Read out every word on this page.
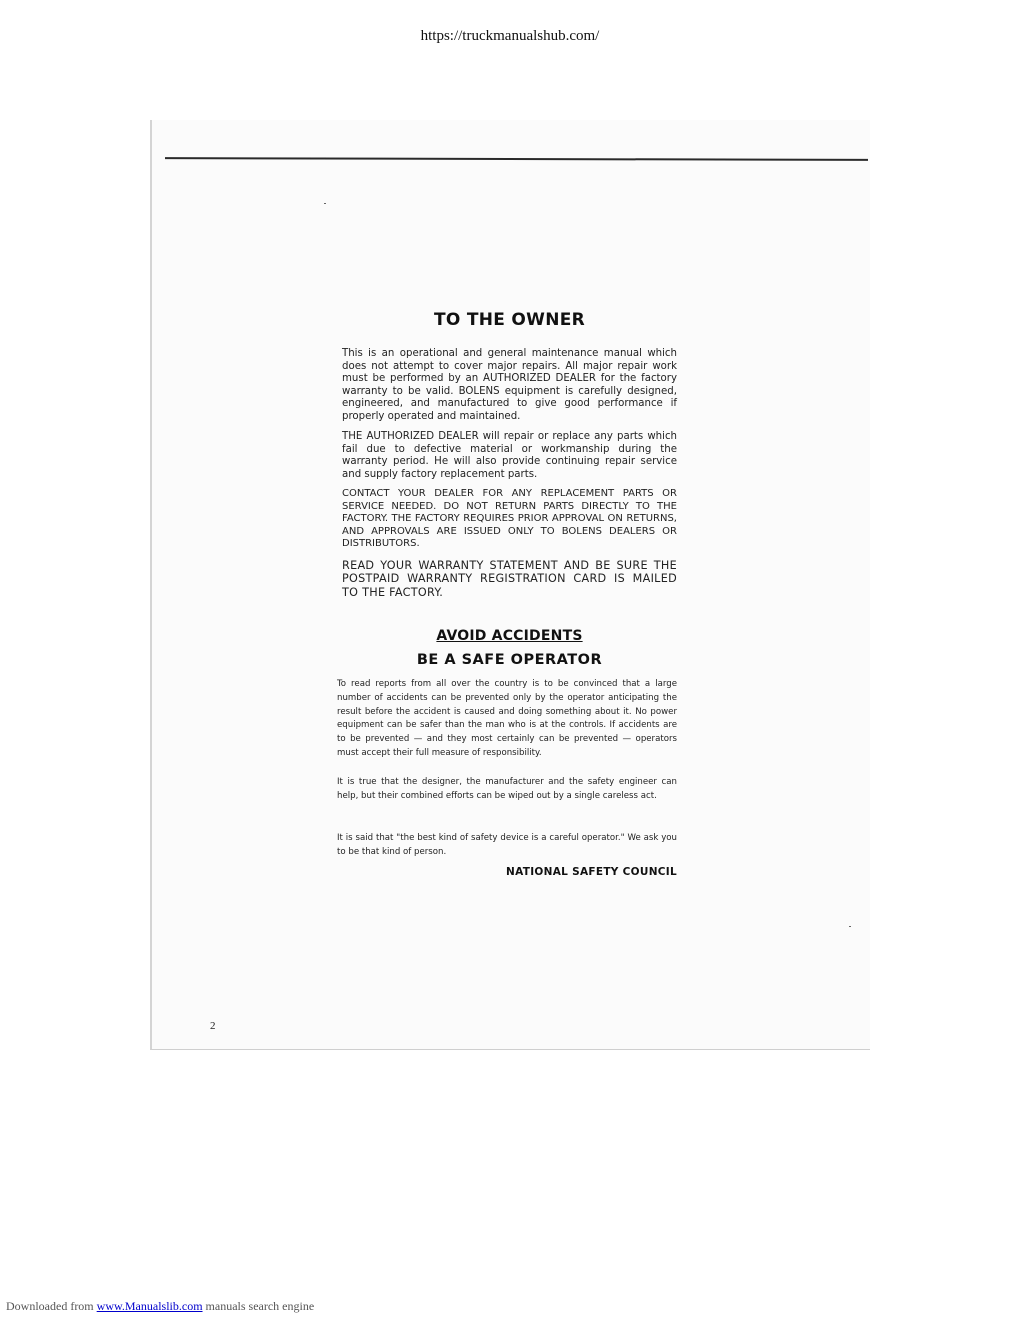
https://truckmanualshub.com/
TO THE OWNER

This is an operational and general maintenance manual which does not attempt to cover major repairs. All major repair work must be performed by an AUTHORIZED DEALER for the factory warranty to be valid. BOLENS equipment is carefully designed, engineered, and manufactured to give good performance if properly operated and maintained.

THE AUTHORIZED DEALER will repair or replace any parts which fail due to defective material or workmanship during the warranty period. He will also provide continuing repair service and supply factory replacement parts.

CONTACT YOUR DEALER FOR ANY REPLACEMENT PARTS OR SERVICE NEEDED. DO NOT RETURN PARTS DIRECTLY TO THE FACTORY. THE FACTORY REQUIRES PRIOR APPROVAL ON RETURNS, AND APPROVALS ARE ISSUED ONLY TO BOLENS DEALERS OR DISTRIBUTORS.

READ YOUR WARRANTY STATEMENT AND BE SURE THE POSTPAID WARRANTY REGISTRATION CARD IS MAILED TO THE FACTORY.

AVOID ACCIDENTS
BE A SAFE OPERATOR

To read reports from all over the country is to be convinced that a large number of accidents can be prevented only by the operator anticipating the result before the accident is caused and doing something about it. No power equipment can be safer than the man who is at the controls. If accidents are to be prevented — and they most certainly can be prevented — operators must accept their full measure of responsibility.

It is true that the designer, the manufacturer and the safety engineer can help, but their combined efforts can be wiped out by a single careless act.

It is said that "the best kind of safety device is a careful operator." We ask you to be that kind of person.

NATIONAL SAFETY COUNCIL
2
Downloaded from www.Manualslib.com manuals search engine
